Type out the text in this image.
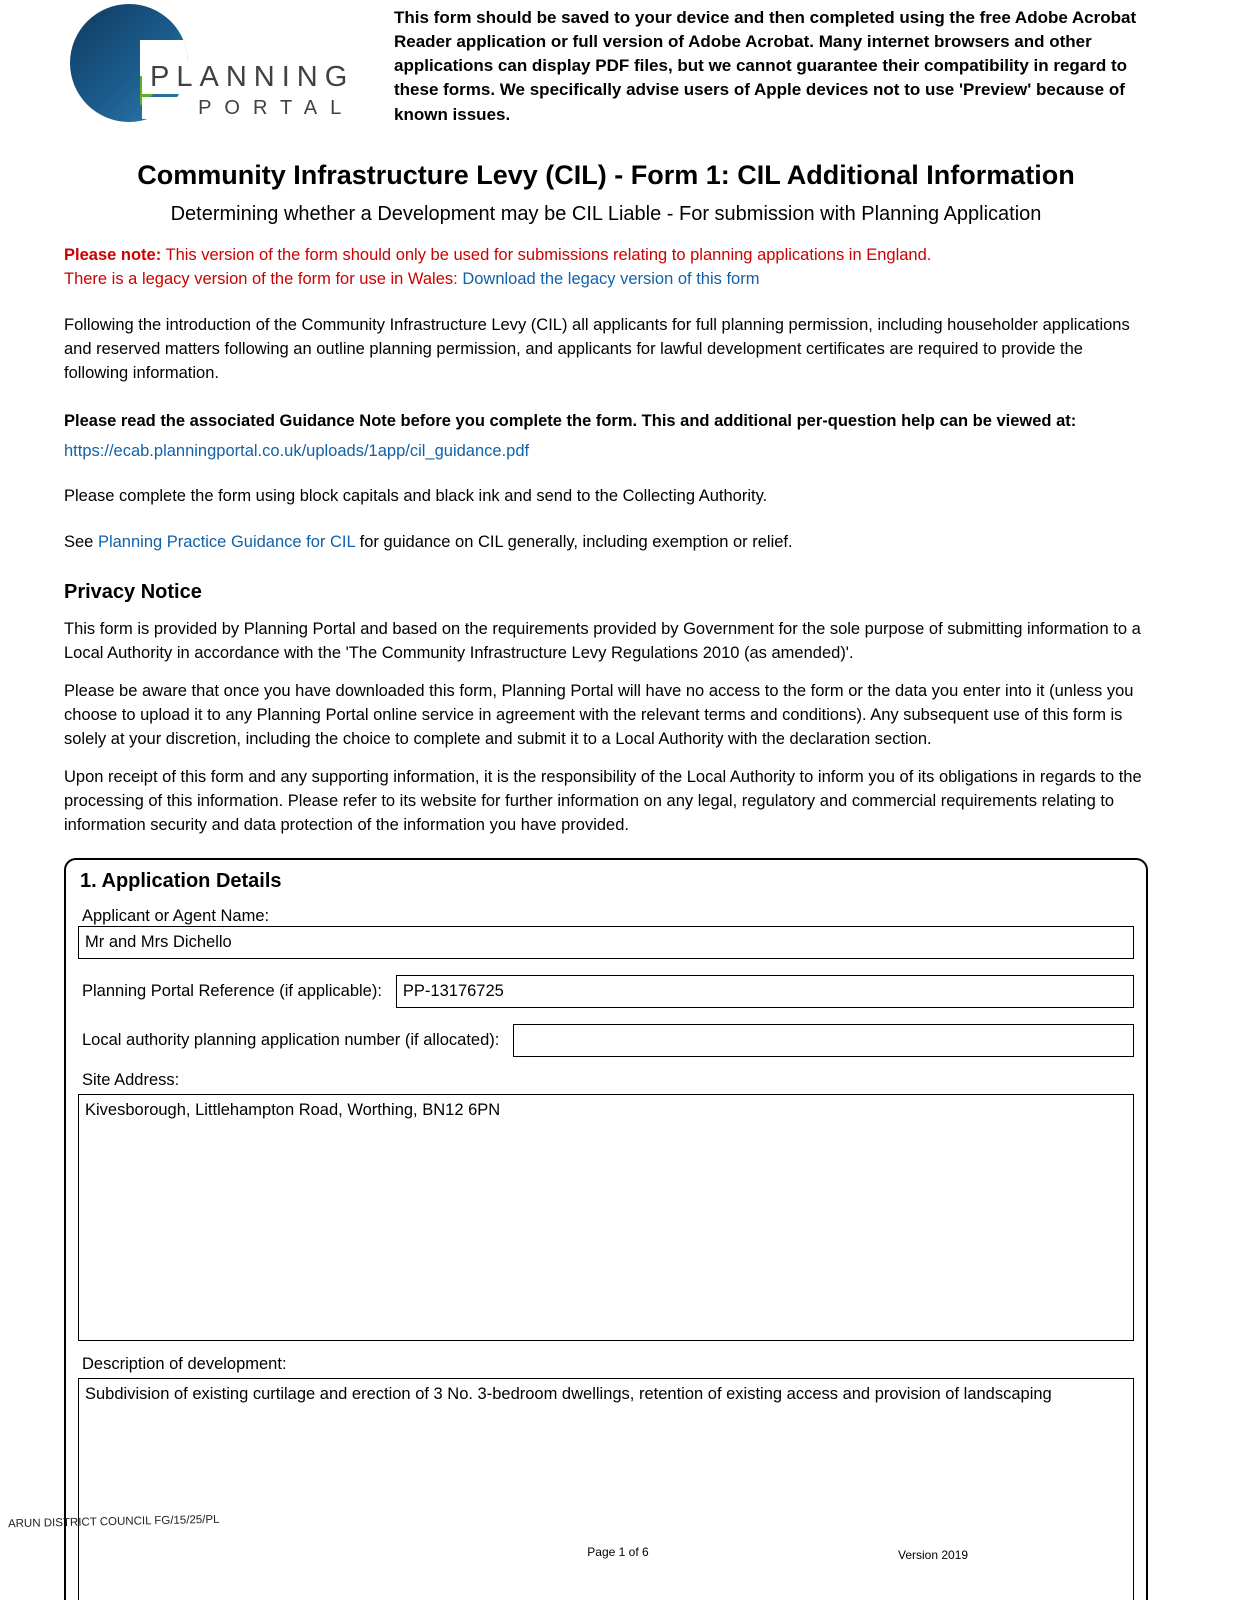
PLANNING
PORTAL
This form should be saved to your device and then completed using the free Adobe Acrobat Reader application or full version of Adobe Acrobat. Many internet browsers and other applications can display PDF files, but we cannot guarantee their compatibility in regard to these forms. We specifically advise users of Apple devices not to use 'Preview' because of known issues.
Community Infrastructure Levy (CIL) - Form 1: CIL Additional Information
Determining whether a Development may be CIL Liable - For submission with Planning Application
Please note: This version of the form should only be used for submissions relating to planning applications in England.
There is a legacy version of the form for use in Wales: Download the legacy version of this form
Following the introduction of the Community Infrastructure Levy (CIL) all applicants for full planning permission, including householder applications and reserved matters following an outline planning permission, and applicants for lawful development certificates are required to provide the following information.
Please read the associated Guidance Note before you complete the form. This and additional per-question help can be viewed at:
https://ecab.planningportal.co.uk/uploads/1app/cil_guidance.pdf
Please complete the form using block capitals and black ink and send to the Collecting Authority.
See Planning Practice Guidance for CIL for guidance on CIL generally, including exemption or relief.
Privacy Notice
This form is provided by Planning Portal and based on the requirements provided by Government for the sole purpose of submitting information to a Local Authority in accordance with the 'The Community Infrastructure Levy Regulations 2010 (as amended)'.
Please be aware that once you have downloaded this form, Planning Portal will have no access to the form or the data you enter into it (unless you choose to upload it to any Planning Portal online service in agreement with the relevant terms and conditions). Any subsequent use of this form is solely at your discretion, including the choice to complete and submit it to a Local Authority with the declaration section.
Upon receipt of this form and any supporting information, it is the responsibility of the Local Authority to inform you of its obligations in regards to the processing of this information. Please refer to its website for further information on any legal, regulatory and commercial requirements relating to information security and data protection of the information you have provided.
1. Application Details
Applicant or Agent Name:
Mr and Mrs Dichello
Planning Portal Reference (if applicable):
PP-13176725
Local authority planning application number (if allocated):
Site Address:
Kivesborough, Littlehampton Road, Worthing, BN12 6PN
Description of development:
Subdivision of existing curtilage and erection of 3 No. 3-bedroom dwellings, retention of existing access and provision of landscaping
ARUN DISTRICT COUNCIL FG/15/25/PL
Page 1 of 6	Version 2019
